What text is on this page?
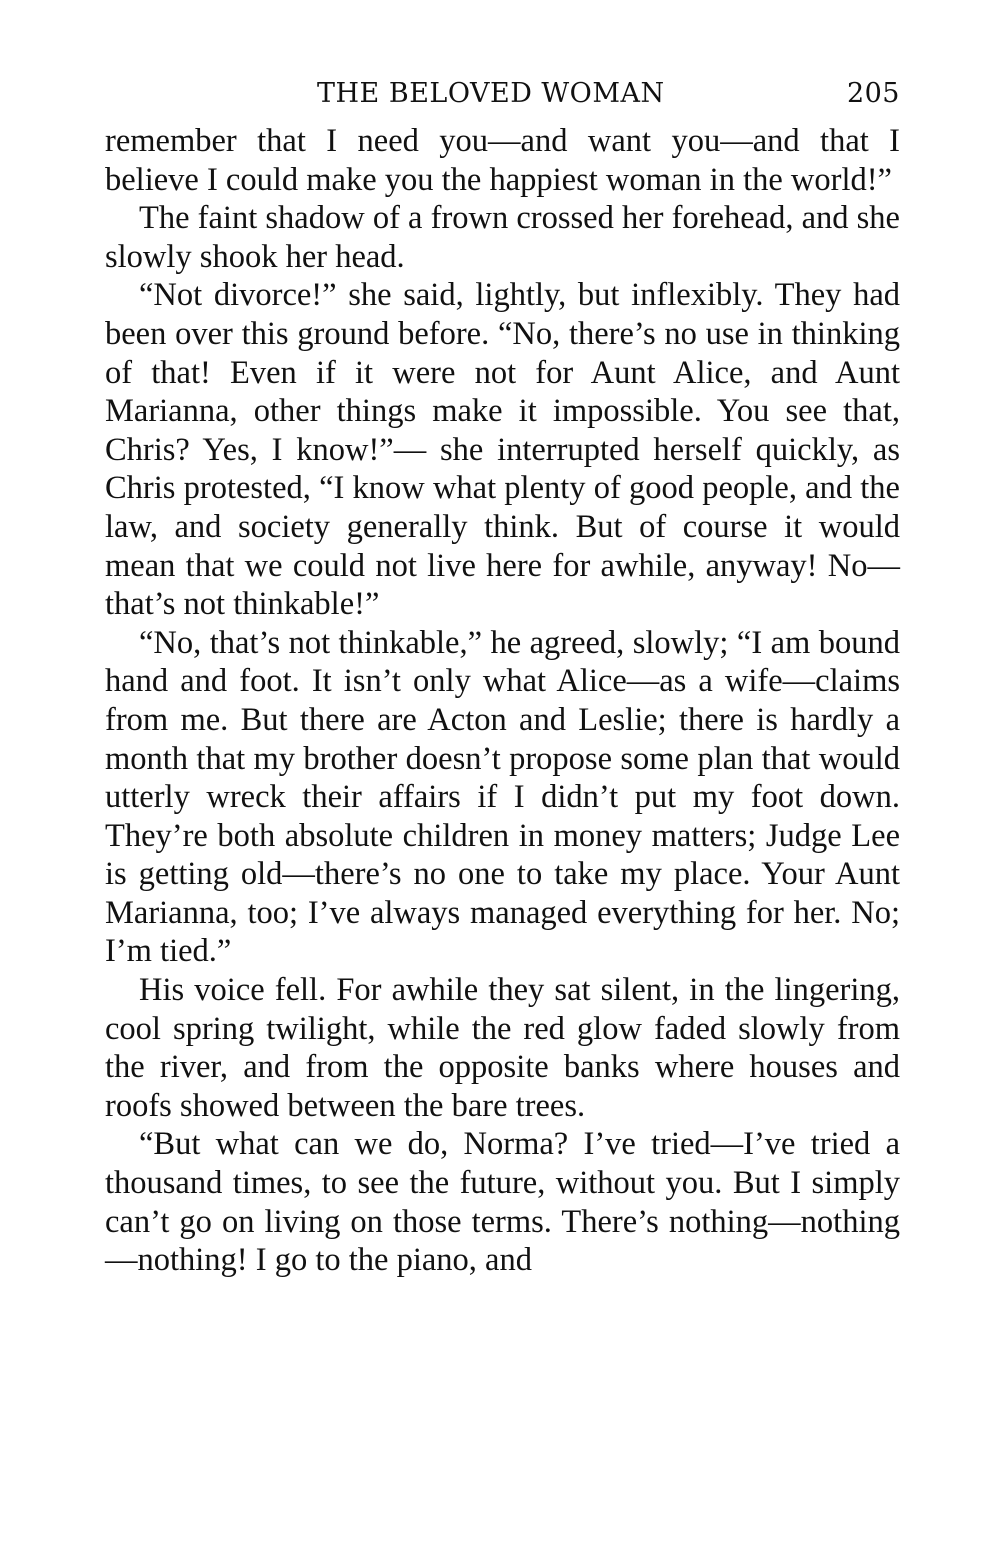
THE BELOVED WOMAN	205

remember that I need you—and want you—and that I believe I could make you the happiest woman in the world!”

The faint shadow of a frown crossed her forehead, and she slowly shook her head.

“Not divorce!” she said, lightly, but inflexibly. They had been over this ground before. “No, there’s no use in thinking of that! Even if it were not for Aunt Alice, and Aunt Marianna, other things make it impossible. You see that, Chris? Yes, I know!”— she interrupted herself quickly, as Chris protested, “I know what plenty of good people, and the law, and society generally think. But of course it would mean that we could not live here for awhile, anyway! No—that’s not thinkable!”

“No, that’s not thinkable,” he agreed, slowly; “I am bound hand and foot. It isn’t only what Alice—as a wife—claims from me. But there are Acton and Leslie; there is hardly a month that my brother doesn’t propose some plan that would utterly wreck their affairs if I didn’t put my foot down. They’re both absolute children in money matters; Judge Lee is getting old—there’s no one to take my place. Your Aunt Marianna, too; I’ve always managed everything for her. No; I’m tied.”

His voice fell. For awhile they sat silent, in the lingering, cool spring twilight, while the red glow faded slowly from the river, and from the opposite banks where houses and roofs showed between the bare trees.

“But what can we do, Norma? I’ve tried—I’ve tried a thousand times, to see the future, without you. But I simply can’t go on living on those terms. There’s nothing—nothing—nothing! I go to the piano, and
